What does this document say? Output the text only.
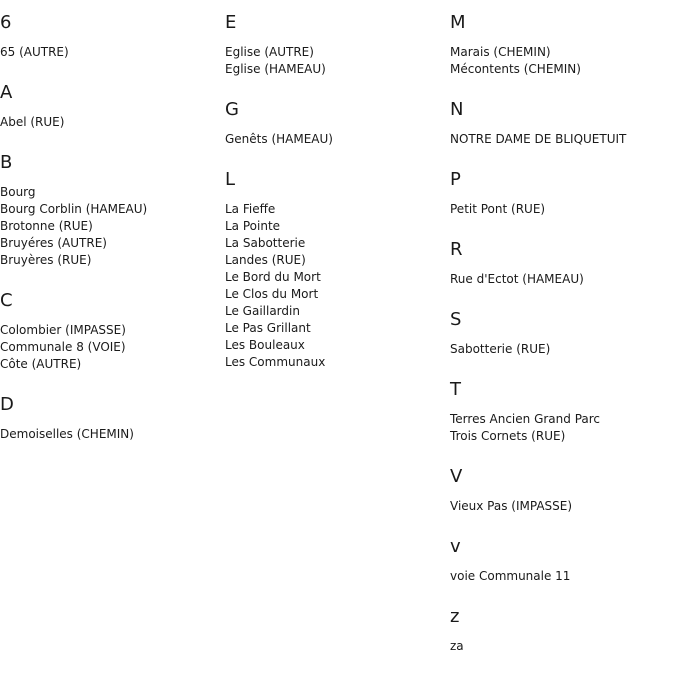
6
65 (AUTRE)
A
Abel (RUE)
B
Bourg
Bourg Corblin (HAMEAU)
Brotonne (RUE)
Bruyéres (AUTRE)
Bruyères (RUE)
C
Colombier (IMPASSE)
Communale 8 (VOIE)
Côte (AUTRE)
D
Demoiselles (CHEMIN)
E
Eglise (AUTRE)
Eglise (HAMEAU)
G
Genêts (HAMEAU)
L
La Fieffe
La Pointe
La Sabotterie
Landes (RUE)
Le Bord du Mort
Le Clos du Mort
Le Gaillardin
Le Pas Grillant
Les Bouleaux
Les Communaux
M
Marais (CHEMIN)
Mécontents (CHEMIN)
N
NOTRE DAME DE BLIQUETUIT
P
Petit Pont (RUE)
R
Rue d'Ectot (HAMEAU)
S
Sabotterie (RUE)
T
Terres Ancien Grand Parc
Trois Cornets (RUE)
V
Vieux Pas (IMPASSE)
v
voie Communale 11
z
za
